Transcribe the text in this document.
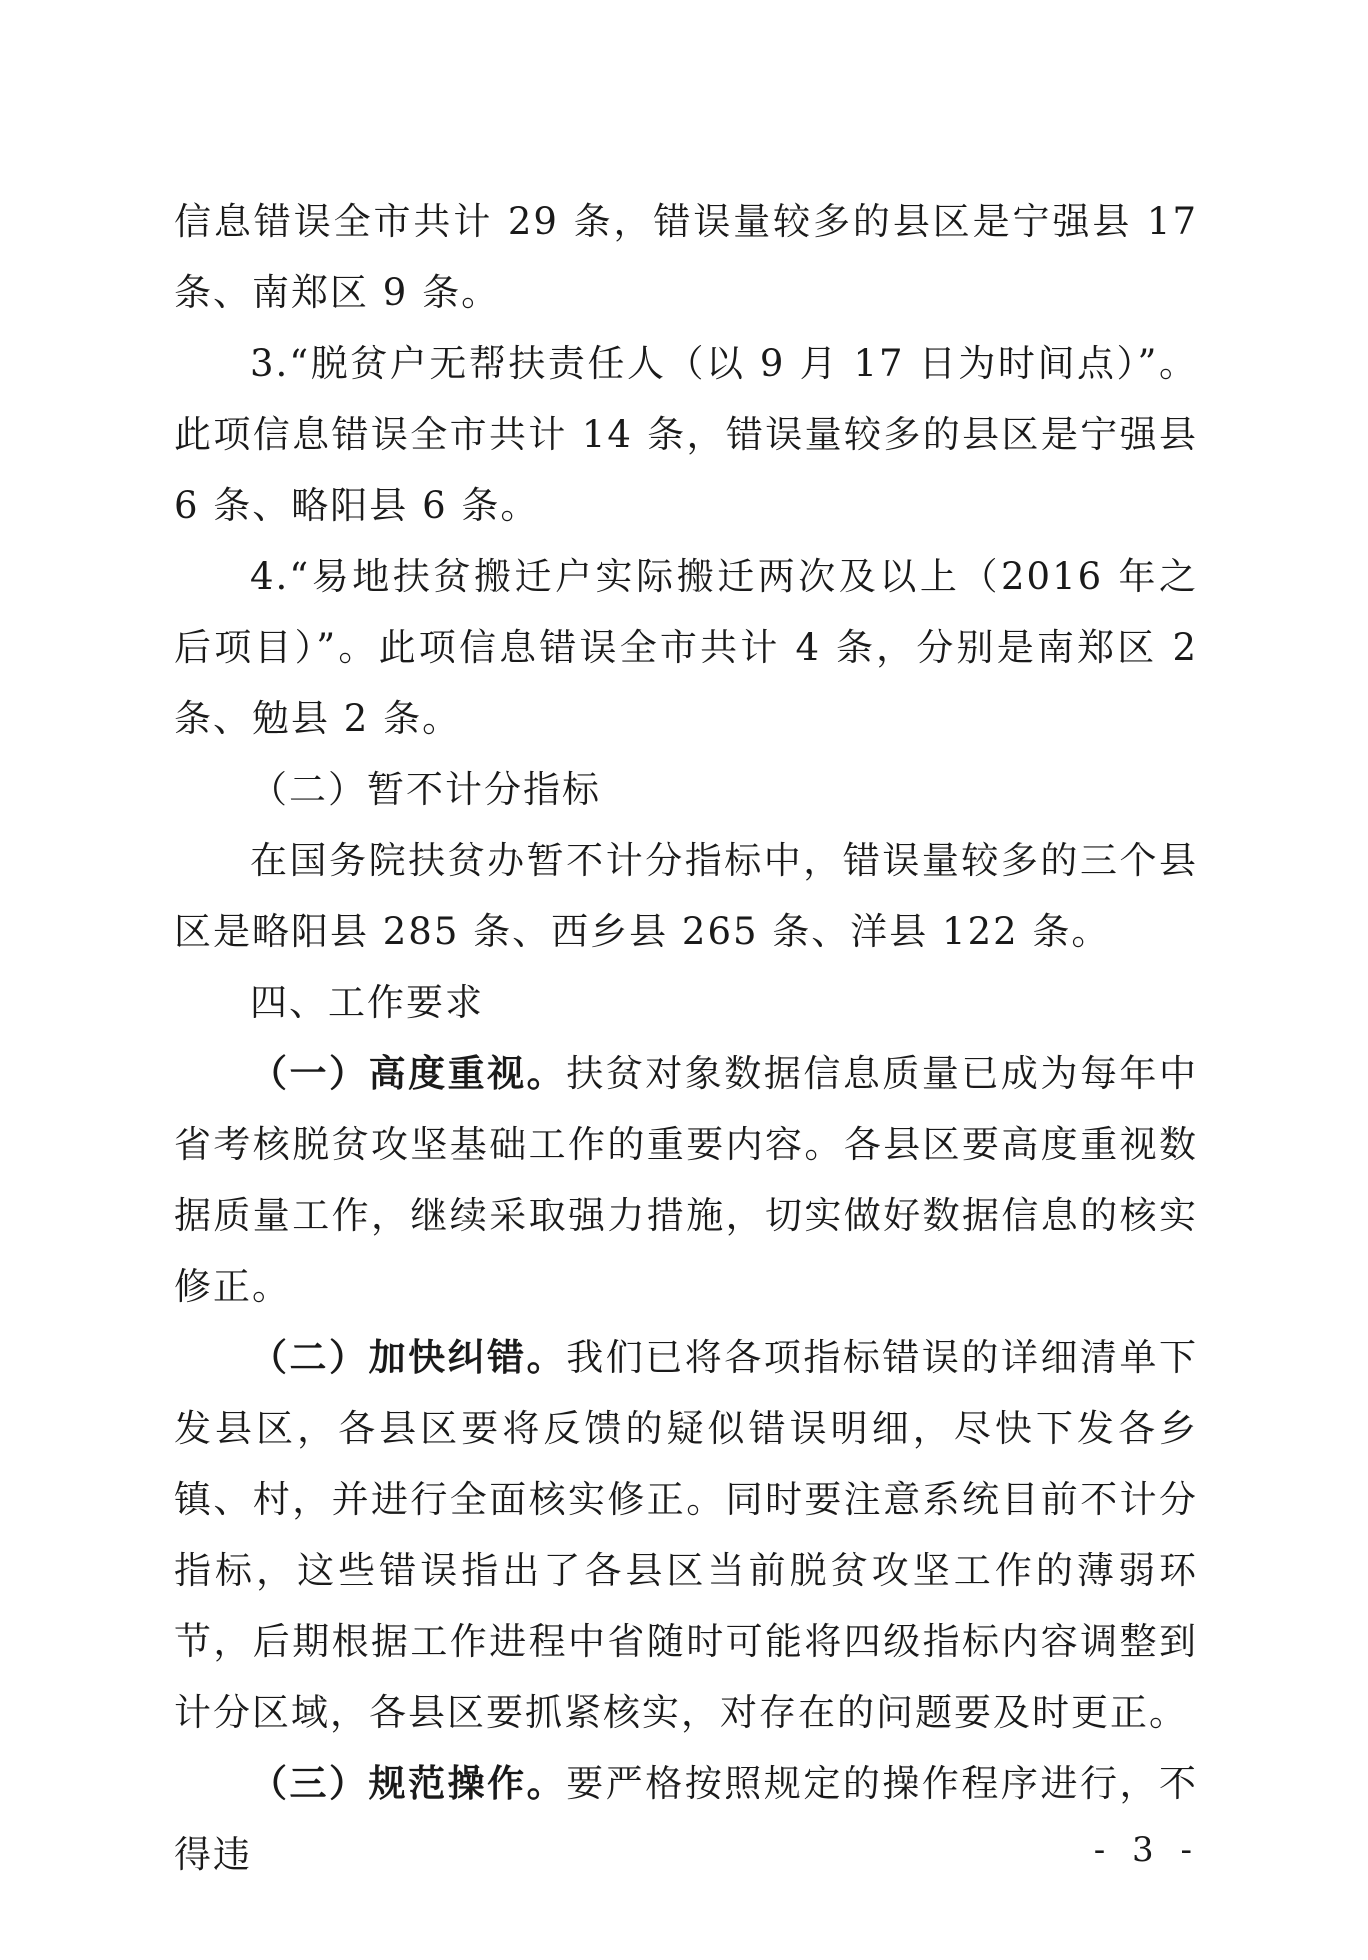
信息错误全市共计 29 条，错误量较多的县区是宁强县 17 条、南郑区 9 条。

3.“脱贫户无帮扶责任人（以 9 月 17 日为时间点）”。此项信息错误全市共计 14 条，错误量较多的县区是宁强县 6 条、略阳县 6 条。

4.“易地扶贫搬迁户实际搬迁两次及以上（2016 年之后项目）”。此项信息错误全市共计 4 条，分别是南郑区 2 条、勉县 2 条。

（二）暂不计分指标

在国务院扶贫办暂不计分指标中，错误量较多的三个县区是略阳县 285 条、西乡县 265 条、洋县 122 条。

四、工作要求

（一）高度重视。扶贫对象数据信息质量已成为每年中省考核脱贫攻坚基础工作的重要内容。各县区要高度重视数据质量工作，继续采取强力措施，切实做好数据信息的核实修正。

（二）加快纠错。我们已将各项指标错误的详细清单下发县区，各县区要将反馈的疑似错误明细，尽快下发各乡镇、村，并进行全面核实修正。同时要注意系统目前不计分指标，这些错误指出了各县区当前脱贫攻坚工作的薄弱环节，后期根据工作进程中省随时可能将四级指标内容调整到计分区域，各县区要抓紧核实，对存在的问题要及时更正。

（三）规范操作。要严格按照规定的操作程序进行，不得违	- 3 -
